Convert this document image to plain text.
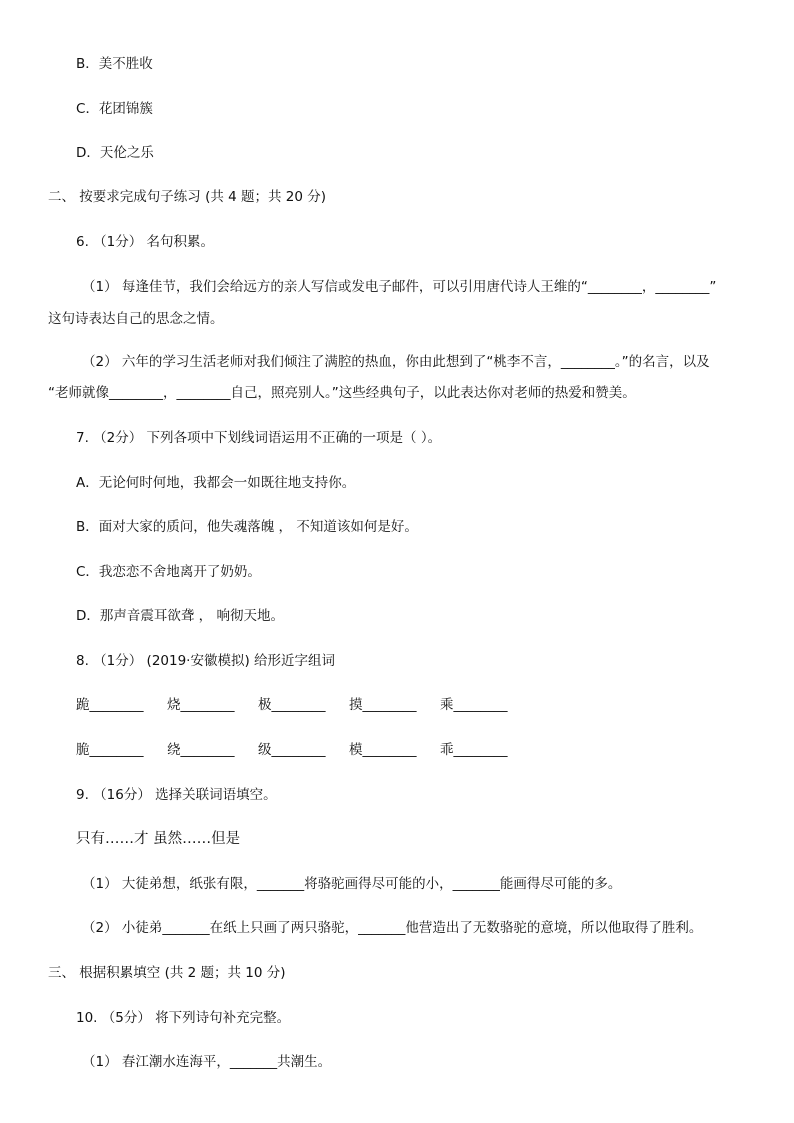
B．美不胜收
C．花团锦簇
D．天伦之乐
二、 按要求完成句子练习 (共 4 题；共 20 分)
6. （1分） 名句积累。
（1） 每逢佳节，我们会给远方的亲人写信或发电子邮件，可以引用唐代诗人王维的“________，________”
这句诗表达自己的思念之情。
（2） 六年的学习生活老师对我们倾注了满腔的热血，你由此想到了“桃李不言，________。”的名言，以及
“老师就像________，________自己，照亮别人。”这些经典句子，以此表达你对老师的热爱和赞美。
7. （2分） 下列各项中下划线词语运用不正确的一项是（ ）。
A．无论何时何地，我都会一如既往地支持你。
B．面对大家的质问，他失魂落魄 ， 不知道该如何是好。
C．我恋恋不舍地离开了奶奶。
D．那声音震耳欲聋 ， 响彻天地。
8. （1分） (2019·安徽模拟) 给形近字组词
跪________	烧________	极________	摸________	乘________
脆________	绕________	级________	模________	乖________
9. （16分） 选择关联词语填空。
只有……才 虽然……但是
（1） 大徒弟想，纸张有限，_______将骆驼画得尽可能的小，_______能画得尽可能的多。
（2） 小徒弟_______在纸上只画了两只骆驼，_______他营造出了无数骆驼的意境，所以他取得了胜利。
三、 根据积累填空 (共 2 题；共 10 分)
10. （5分） 将下列诗句补充完整。
（1） 春江潮水连海平，_______共潮生。
